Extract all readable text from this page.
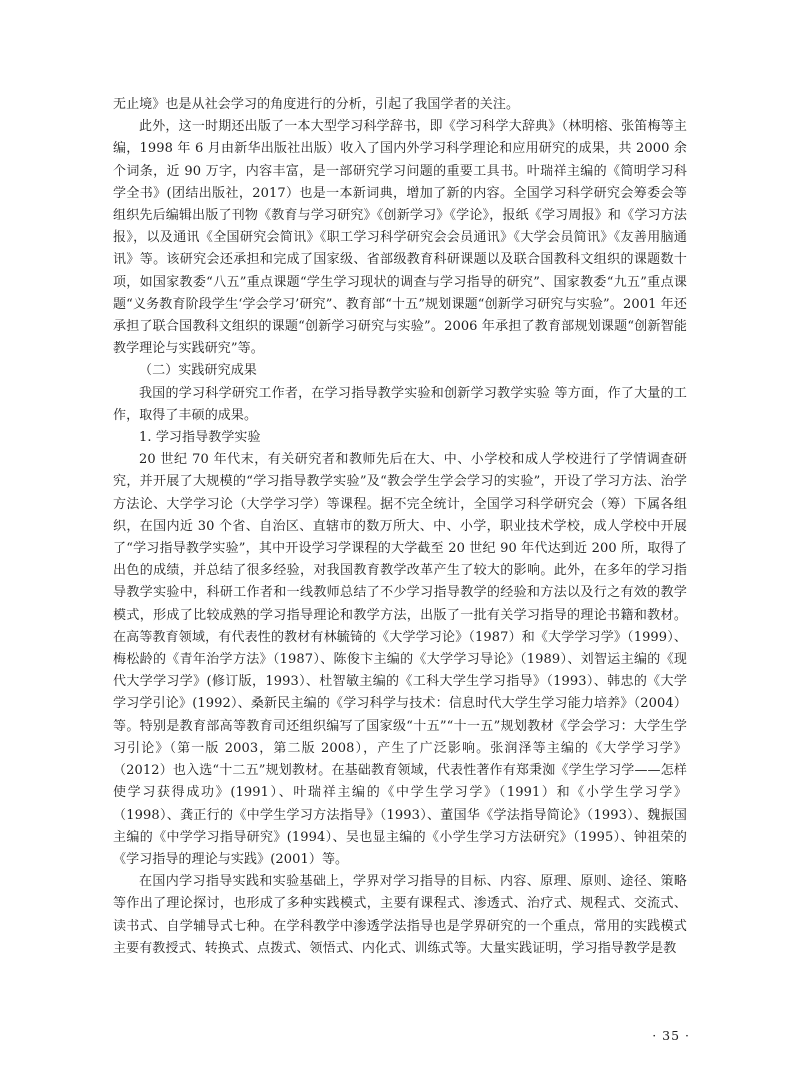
无止境》也是从社会学习的角度进行的分析，引起了我国学者的关注。

此外，这一时期还出版了一本大型学习科学辞书，即《学习科学大辞典》（林明榕、张笛梅等主编，1998 年 6 月由新华出版社出版）收入了国内外学习科学理论和应用研究的成果，共 2000 余个词条，近 90 万字，内容丰富，是一部研究学习问题的重要工具书。叶瑞祥主编的《简明学习科学全书》(团结出版社，2017）也是一本新词典，增加了新的内容。全国学习科学研究会筹委会等组织先后编辑出版了刊物《教育与学习研究》《创新学习》《学论》，报纸《学习周报》和《学习方法报》，以及通讯《全国研究会简讯》《职工学习科学研究会会员通讯》《大学会员简讯》《友善用脑通讯》等。该研究会还承担和完成了国家级、省部级教育科研课题以及联合国教科文组织的课题数十项，如国家教委“八五”重点课题“学生学习现状的调查与学习指导的研究”、国家教委“九五”重点课题“义务教育阶段学生‘学会学习’研究”、教育部“十五”规划课题“创新学习研究与实验”。2001 年还承担了联合国教科文组织的课题“创新学习研究与实验”。2006 年承担了教育部规划课题“创新智能教学理论与实践研究”等。

（二）实践研究成果

我国的学习科学研究工作者，在学习指导教学实验和创新学习教学实验 等方面，作了大量的工作，取得了丰硕的成果。

1. 学习指导教学实验

20 世纪 70 年代末，有关研究者和教师先后在大、中、小学校和成人学校进行了学情调查研究，并开展了大规模的“学习指导教学实验”及“教会学生学会学习的实验”，开设了学习方法、治学方法论、大学学习论（大学学习学）等课程。据不完全统计，全国学习科学研究会（筹）下属各组织，在国内近 30 个省、自治区、直辖市的数万所大、中、小学，职业技术学校，成人学校中开展了“学习指导教学实验”，其中开设学习学课程的大学截至 20 世纪 90 年代达到近 200 所，取得了出色的成绩，并总结了很多经验，对我国教育教学改革产生了较大的影响。此外，在多年的学习指导教学实验中，科研工作者和一线教师总结了不少学习指导教学的经验和方法以及行之有效的教学模式，形成了比较成熟的学习指导理论和教学方法，出版了一批有关学习指导的理论书籍和教材。在高等教育领域，有代表性的教材有林毓锜的《大学学习论》（1987）和《大学学习学》（1999）、梅松龄的《青年治学方法》（1987）、陈俊卞主编的《大学学习导论》（1989）、刘智运主编的《现代大学学习学》(修订版，1993）、杜智敏主编的《工科大学生学习指导》（1993）、韩忠的《大学学习学引论》(1992）、桑新民主编的《学习科学与技术：信息时代大学生学习能力培养》（2004）等。特别是教育部高等教育司还组织编写了国家级“十五”“十一五”规划教材《学会学习：大学生学习引论》（第一版 2003，第二版 2008），产生了广泛影响。张润泽等主编的《大学学习学》（2012）也入选“十二五”规划教材。在基础教育领域，代表性著作有郑秉洳《学生学习学——怎样使学习获得成功》(1991）、叶瑞祥主编的《中学生学习学》（1991）和《小学生学习学》（1998）、龚正行的《中学生学习方法指导》（1993）、董国华《学法指导简论》（1993）、魏振国主编的《中学学习指导研究》(1994）、吴也显主编的《小学生学习方法研究》（1995）、钟祖荣的《学习指导的理论与实践》(2001）等。

在国内学习指导实践和实验基础上，学界对学习指导的目标、内容、原理、原则、途径、策略等作出了理论探讨，也形成了多种实践模式，主要有课程式、渗透式、治疗式、规程式、交流式、读书式、自学辅导式七种。在学科教学中渗透学法指导也是学界研究的一个重点，常用的实践模式主要有教授式、转换式、点拨式、领悟式、内化式、训练式等。大量实践证明，学习指导教学是教

· 35 ·
